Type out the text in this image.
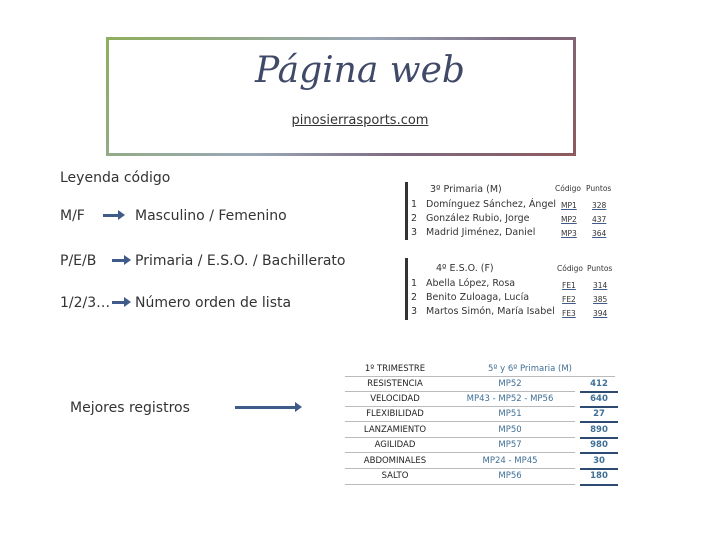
Página web
pinosierrasports.com
Leyenda código
M/F	Masculino / Femenino
P/E/B	Primaria / E.S.O. / Bachillerato
1/2/3… Número orden de lista
Mejores registros
3º Primaria (M)	Código Puntos
1 Domínguez Sánchez, Ángel MP1 328
2 González Rubio, Jorge	MP2 437
3 Madrid Jiménez, Daniel	MP3 364
4º E.S.O. (F)	Código Puntos
1 Abella López, Rosa	FE1 314
2 Benito Zuloaga, Lucía	FE2 385
3 Martos Simón, María Isabel FE3 394
1º TRIMESTRE	5º y 6º Primaria (M)
RESISTENCIA	MP52	412
VELOCIDAD	MP43 - MP52 - MP56	640
FLEXIBILIDAD	MP51	27
LANZAMIENTO	MP50	890
AGILIDAD	MP57	980
ABDOMINALES	MP24 - MP45	30
SALTO	MP56	180
